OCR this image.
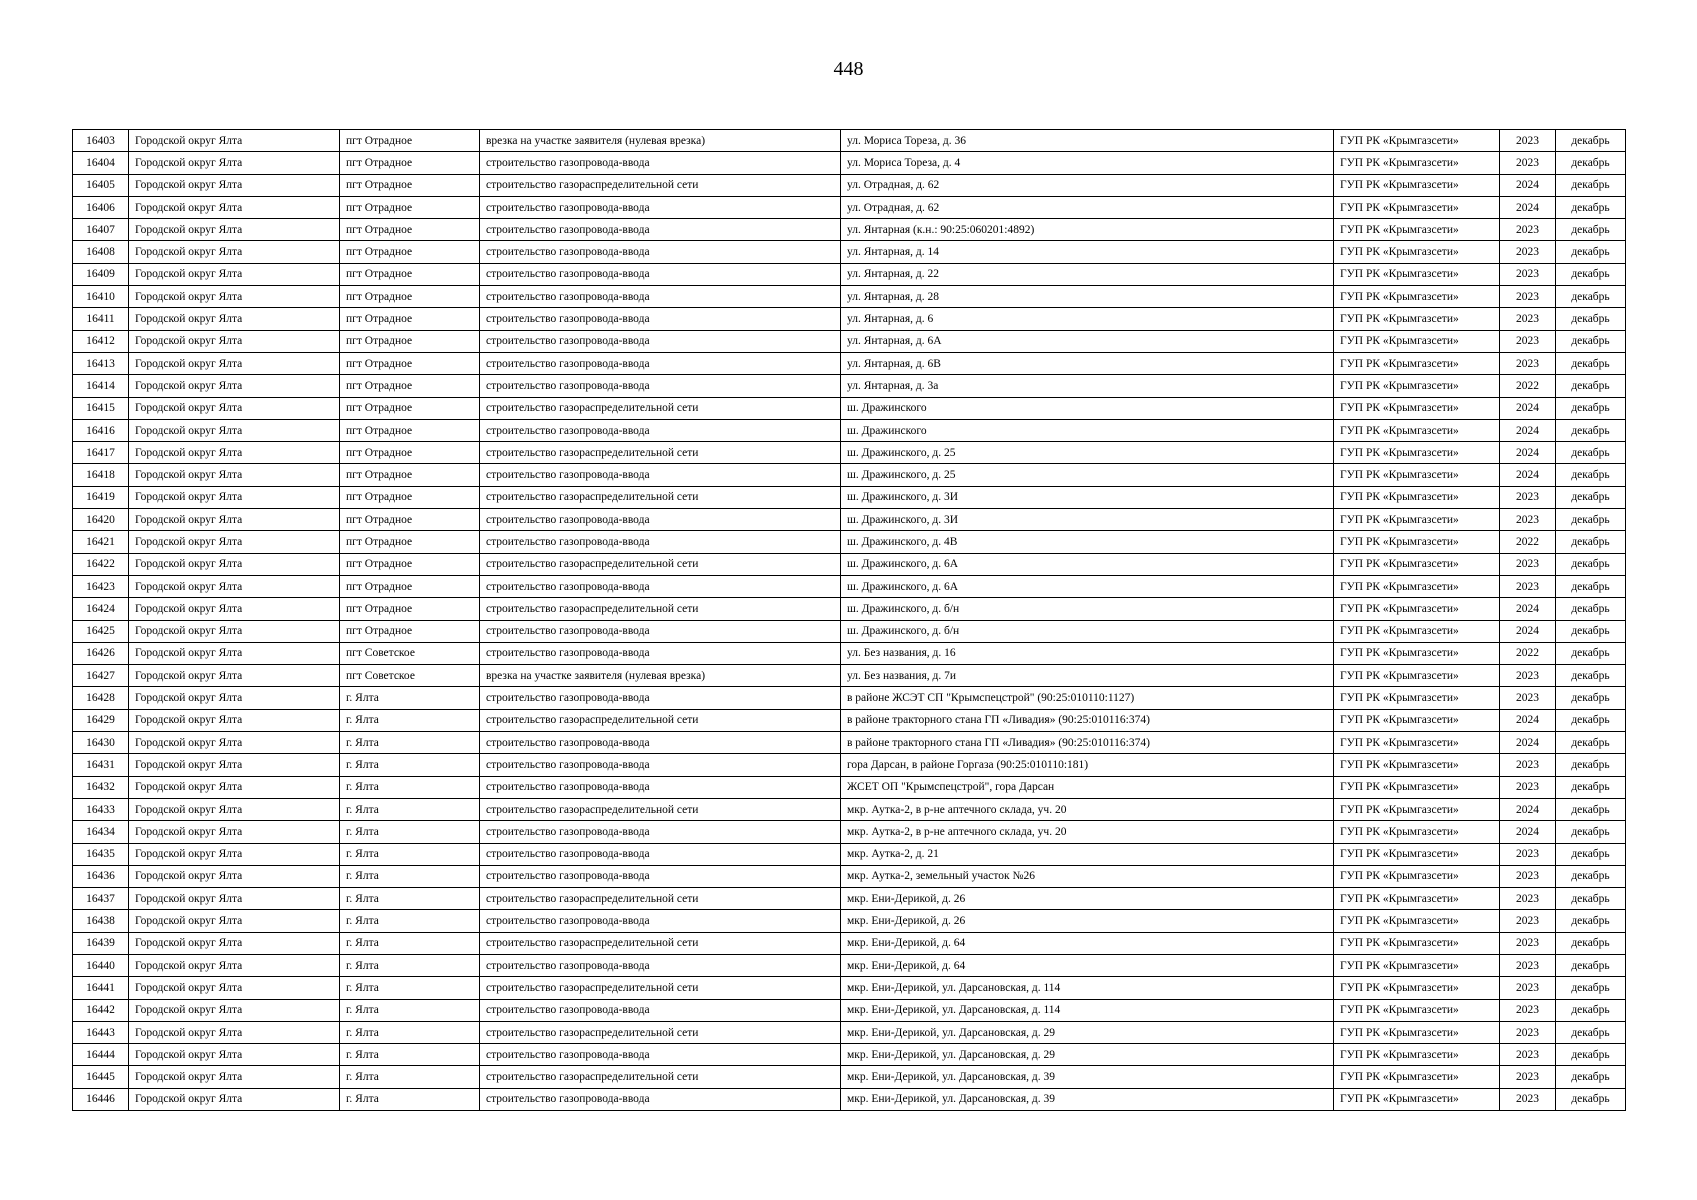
448
16403	Городской округ Ялта	пгт Отрадное	врезка на участке заявителя (нулевая врезка)	ул. Мориса Тореза, д. 36	ГУП РК «Крымгазсети»	2023	декабрь
16404	Городской округ Ялта	пгт Отрадное	строительство газопровода-ввода	ул. Мориса Тореза, д. 4	ГУП РК «Крымгазсети»	2023	декабрь
16405	Городской округ Ялта	пгт Отрадное	строительство газораспределительной сети	ул. Отрадная, д. 62	ГУП РК «Крымгазсети»	2024	декабрь
16406	Городской округ Ялта	пгт Отрадное	строительство газопровода-ввода	ул. Отрадная, д. 62	ГУП РК «Крымгазсети»	2024	декабрь
16407	Городской округ Ялта	пгт Отрадное	строительство газопровода-ввода	ул. Янтарная (к.н.: 90:25:060201:4892)	ГУП РК «Крымгазсети»	2023	декабрь
16408	Городской округ Ялта	пгт Отрадное	строительство газопровода-ввода	ул. Янтарная, д. 14	ГУП РК «Крымгазсети»	2023	декабрь
16409	Городской округ Ялта	пгт Отрадное	строительство газопровода-ввода	ул. Янтарная, д. 22	ГУП РК «Крымгазсети»	2023	декабрь
16410	Городской округ Ялта	пгт Отрадное	строительство газопровода-ввода	ул. Янтарная, д. 28	ГУП РК «Крымгазсети»	2023	декабрь
16411	Городской округ Ялта	пгт Отрадное	строительство газопровода-ввода	ул. Янтарная, д. 6	ГУП РК «Крымгазсети»	2023	декабрь
16412	Городской округ Ялта	пгт Отрадное	строительство газопровода-ввода	ул. Янтарная, д. 6А	ГУП РК «Крымгазсети»	2023	декабрь
16413	Городской округ Ялта	пгт Отрадное	строительство газопровода-ввода	ул. Янтарная, д. 6В	ГУП РК «Крымгазсети»	2023	декабрь
16414	Городской округ Ялта	пгт Отрадное	строительство газопровода-ввода	ул. Янтарная, д. 3а	ГУП РК «Крымгазсети»	2022	декабрь
16415	Городской округ Ялта	пгт Отрадное	строительство газораспределительной сети	ш. Дражинского	ГУП РК «Крымгазсети»	2024	декабрь
16416	Городской округ Ялта	пгт Отрадное	строительство газопровода-ввода	ш. Дражинского	ГУП РК «Крымгазсети»	2024	декабрь
16417	Городской округ Ялта	пгт Отрадное	строительство газораспределительной сети	ш. Дражинского, д. 25	ГУП РК «Крымгазсети»	2024	декабрь
16418	Городской округ Ялта	пгт Отрадное	строительство газопровода-ввода	ш. Дражинского, д. 25	ГУП РК «Крымгазсети»	2024	декабрь
16419	Городской округ Ялта	пгт Отрадное	строительство газораспределительной сети	ш. Дражинского, д. 3И	ГУП РК «Крымгазсети»	2023	декабрь
16420	Городской округ Ялта	пгт Отрадное	строительство газопровода-ввода	ш. Дражинского, д. 3И	ГУП РК «Крымгазсети»	2023	декабрь
16421	Городской округ Ялта	пгт Отрадное	строительство газопровода-ввода	ш. Дражинского, д. 4В	ГУП РК «Крымгазсети»	2022	декабрь
16422	Городской округ Ялта	пгт Отрадное	строительство газораспределительной сети	ш. Дражинского, д. 6А	ГУП РК «Крымгазсети»	2023	декабрь
16423	Городской округ Ялта	пгт Отрадное	строительство газопровода-ввода	ш. Дражинского, д. 6А	ГУП РК «Крымгазсети»	2023	декабрь
16424	Городской округ Ялта	пгт Отрадное	строительство газораспределительной сети	ш. Дражинского, д. б/н	ГУП РК «Крымгазсети»	2024	декабрь
16425	Городской округ Ялта	пгт Отрадное	строительство газопровода-ввода	ш. Дражинского, д. б/н	ГУП РК «Крымгазсети»	2024	декабрь
16426	Городской округ Ялта	пгт Советское	строительство газопровода-ввода	ул. Без названия, д. 16	ГУП РК «Крымгазсети»	2022	декабрь
16427	Городской округ Ялта	пгт Советское	врезка на участке заявителя (нулевая врезка)	ул. Без названия, д. 7и	ГУП РК «Крымгазсети»	2023	декабрь
16428	Городской округ Ялта	г. Ялта	строительство газопровода-ввода	в районе ЖСЭТ СП "Крымспецстрой" (90:25:010110:1127)	ГУП РК «Крымгазсети»	2023	декабрь
16429	Городской округ Ялта	г. Ялта	строительство газораспределительной сети	в районе тракторного стана ГП «Ливадия» (90:25:010116:374)	ГУП РК «Крымгазсети»	2024	декабрь
16430	Городской округ Ялта	г. Ялта	строительство газопровода-ввода	в районе тракторного стана ГП «Ливадия» (90:25:010116:374)	ГУП РК «Крымгазсети»	2024	декабрь
16431	Городской округ Ялта	г. Ялта	строительство газопровода-ввода	гора Дарсан, в районе Горгаза (90:25:010110:181)	ГУП РК «Крымгазсети»	2023	декабрь
16432	Городской округ Ялта	г. Ялта	строительство газопровода-ввода	ЖСЕТ ОП "Крымспецстрой", гора Дарсан	ГУП РК «Крымгазсети»	2023	декабрь
16433	Городской округ Ялта	г. Ялта	строительство газораспределительной сети	мкр. Аутка-2, в р-не аптечного склада, уч. 20	ГУП РК «Крымгазсети»	2024	декабрь
16434	Городской округ Ялта	г. Ялта	строительство газопровода-ввода	мкр. Аутка-2, в р-не аптечного склада, уч. 20	ГУП РК «Крымгазсети»	2024	декабрь
16435	Городской округ Ялта	г. Ялта	строительство газопровода-ввода	мкр. Аутка-2, д. 21	ГУП РК «Крымгазсети»	2023	декабрь
16436	Городской округ Ялта	г. Ялта	строительство газопровода-ввода	мкр. Аутка-2, земельный участок №26	ГУП РК «Крымгазсети»	2023	декабрь
16437	Городской округ Ялта	г. Ялта	строительство газораспределительной сети	мкр. Ени-Дерикой, д. 26	ГУП РК «Крымгазсети»	2023	декабрь
16438	Городской округ Ялта	г. Ялта	строительство газопровода-ввода	мкр. Ени-Дерикой, д. 26	ГУП РК «Крымгазсети»	2023	декабрь
16439	Городской округ Ялта	г. Ялта	строительство газораспределительной сети	мкр. Ени-Дерикой, д. 64	ГУП РК «Крымгазсети»	2023	декабрь
16440	Городской округ Ялта	г. Ялта	строительство газопровода-ввода	мкр. Ени-Дерикой, д. 64	ГУП РК «Крымгазсети»	2023	декабрь
16441	Городской округ Ялта	г. Ялта	строительство газораспределительной сети	мкр. Ени-Дерикой, ул. Дарсановская, д. 114	ГУП РК «Крымгазсети»	2023	декабрь
16442	Городской округ Ялта	г. Ялта	строительство газопровода-ввода	мкр. Ени-Дерикой, ул. Дарсановская, д. 114	ГУП РК «Крымгазсети»	2023	декабрь
16443	Городской округ Ялта	г. Ялта	строительство газораспределительной сети	мкр. Ени-Дерикой, ул. Дарсановская, д. 29	ГУП РК «Крымгазсети»	2023	декабрь
16444	Городской округ Ялта	г. Ялта	строительство газопровода-ввода	мкр. Ени-Дерикой, ул. Дарсановская, д. 29	ГУП РК «Крымгазсети»	2023	декабрь
16445	Городской округ Ялта	г. Ялта	строительство газораспределительной сети	мкр. Ени-Дерикой, ул. Дарсановская, д. 39	ГУП РК «Крымгазсети»	2023	декабрь
16446	Городской округ Ялта	г. Ялта	строительство газопровода-ввода	мкр. Ени-Дерикой, ул. Дарсановская, д. 39	ГУП РК «Крымгазсети»	2023	декабрь
